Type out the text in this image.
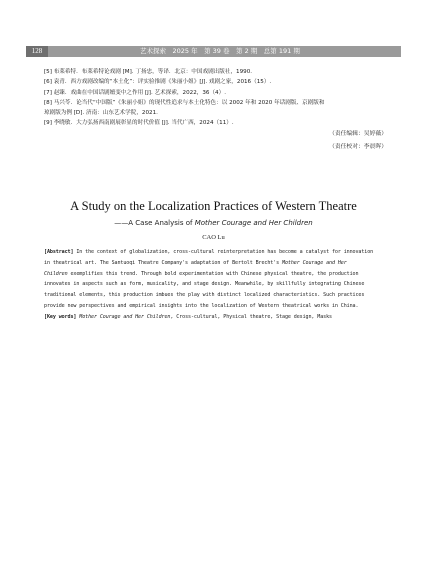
128	艺术探索　2025 年　第 39 卷　第 2 期　总第 191 期
[5] 布莱希特．布莱希特论戏剧 [M]. 丁扬忠，等译．北京：中国戏剧出版社，1990.
[6] 袁青．西方戏剧改编的“本土化”：评实验推剧《朱丽小姐》[J]. 戏剧之家，2016（15）.
[7] 赵臻．戏曲在中国话剧嬗变中之作用 [J]. 艺术探索，2022，36（4）.
[8] 马兴苓．论当代“中国版”《朱丽小姐》的现代性追求与本土化特色：以 2002 年和 2020 年话剧版、京剧版和
琼剧版为例 [D]. 济南：山东艺术学院，2021.
[9] 李晓敏．大力弘扬西南剧展彰显的时代价值 [J]. 当代广西，2024（11）.
（责任编辑：吴婷薇）
（责任校对：李晨晖）
A Study on the Localization Practices of Western Theatre
——A Case Analysis of Mother Courage and Her Children
CAO Lu
[Abstract] In the context of globalization, cross-cultural reinterpretation has become a catalyst for innovation
in theatrical art. The Santuoqi Theatre Company's adaptation of Bertolt Brecht's Mother Courage and Her
Children exemplifies this trend. Through bold experimentation with Chinese physical theatre, the production
innovates in aspects such as form, musicality, and stage design. Meanwhile, by skillfully integrating Chinese
traditional elements, this production imbues the play with distinct localized characteristics. Such practices
provide new perspectives and empirical insights into the localization of Western theatrical works in China.
[Key words] Mother Courage and Her Children, Cross-cultural, Physical theatre, Stage design, Masks
